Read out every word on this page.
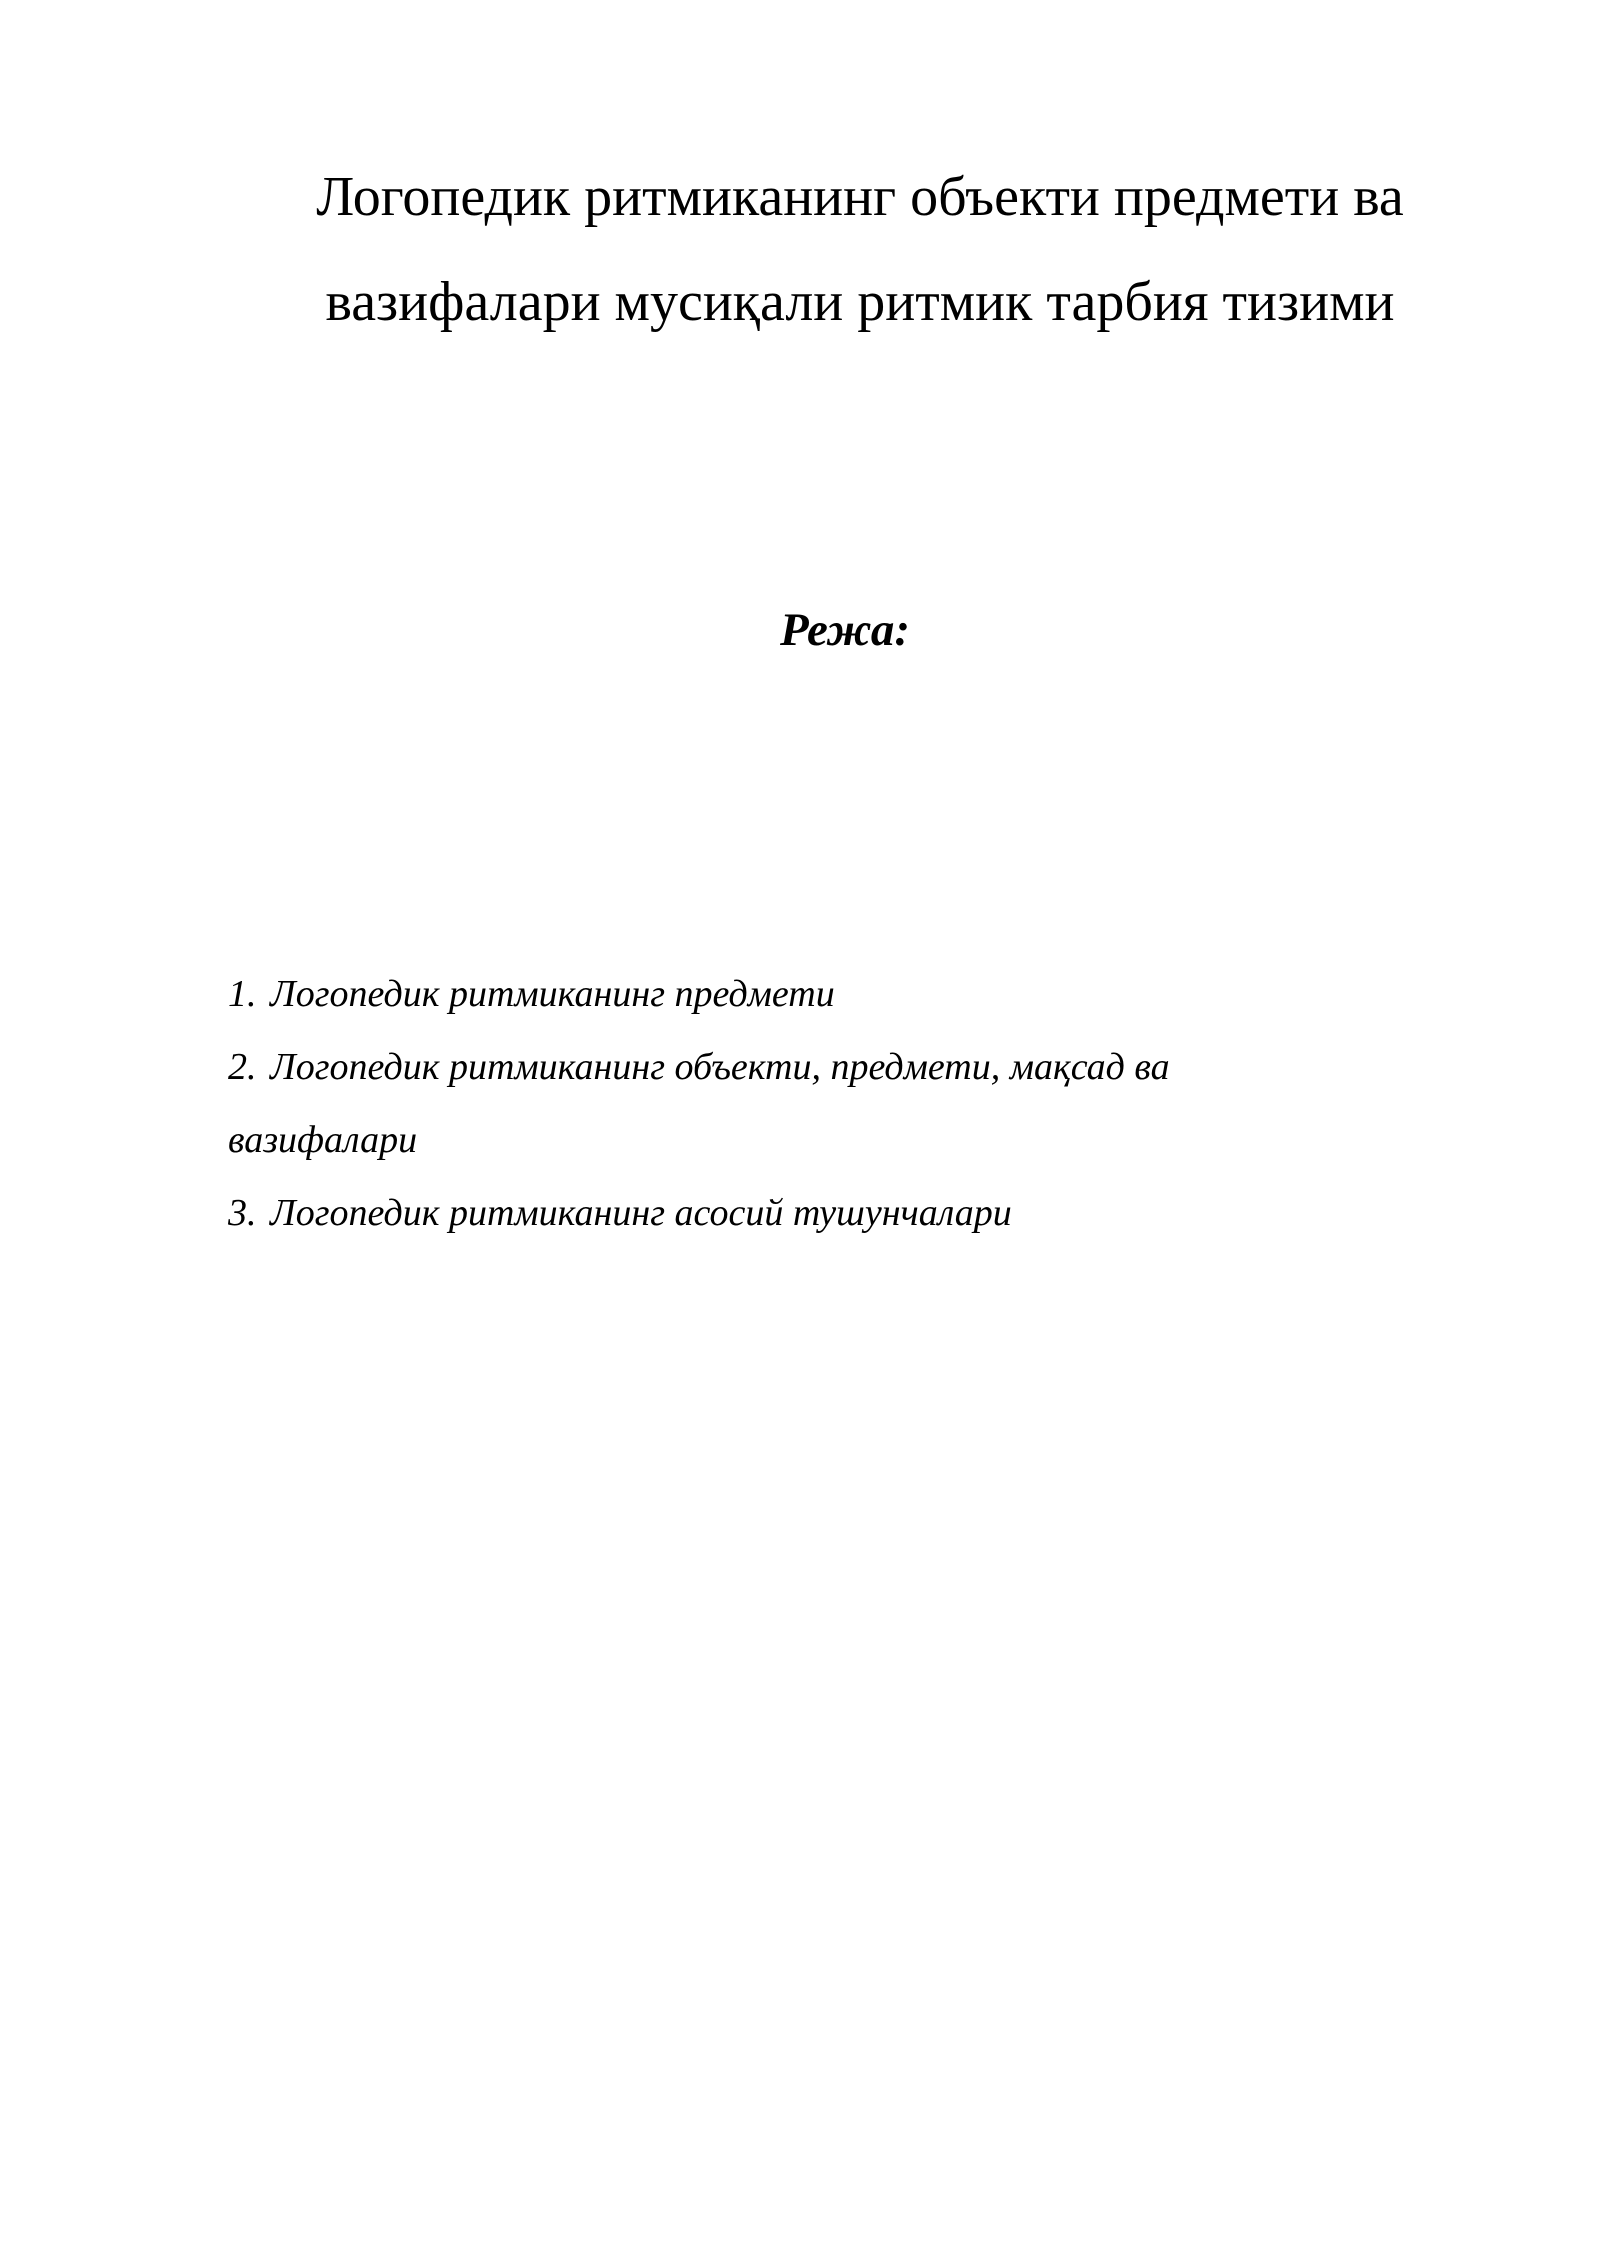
Логопедик ритмиканинг объекти предмети ва
вазифалари мусиқали ритмик тарбия тизими
Режа:
1. Логопедик ритмиканинг предмети
2. Логопедик ритмиканинг объекти, предмети, мақсад ва
вазифалари
3. Логопедик ритмиканинг асосий тушунчалари
